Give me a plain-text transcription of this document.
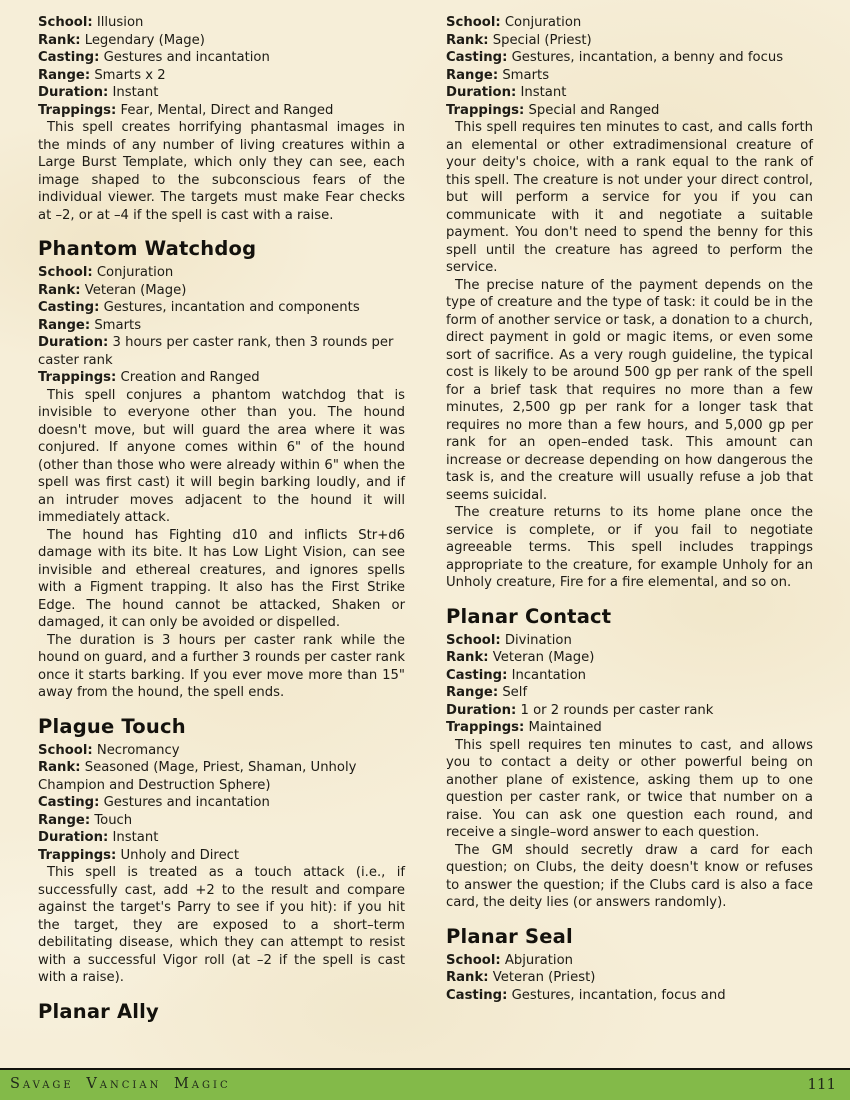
School: Illusion
Rank: Legendary (Mage)
Casting: Gestures and incantation
Range: Smarts x 2
Duration: Instant
Trappings: Fear, Mental, Direct and Ranged

This spell creates horrifying phantasmal images in the minds of any number of living creatures within a Large Burst Template, which only they can see, each image shaped to the subconscious fears of the individual viewer. The targets must make Fear checks at –2, or at –4 if the spell is cast with a raise.

Phantom Watchdog
School: Conjuration
Rank: Veteran (Mage)
Casting: Gestures, incantation and components
Range: Smarts
Duration: 3 hours per caster rank, then 3 rounds per caster rank
Trappings: Creation and Ranged

This spell conjures a phantom watchdog that is invisible to everyone other than you. The hound doesn't move, but will guard the area where it was conjured. If anyone comes within 6" of the hound (other than those who were already within 6" when the spell was first cast) it will begin barking loudly, and if an intruder moves adjacent to the hound it will immediately attack.

The hound has Fighting d10 and inflicts Str+d6 damage with its bite. It has Low Light Vision, can see invisible and ethereal creatures, and ignores spells with a Figment trapping. It also has the First Strike Edge. The hound cannot be attacked, Shaken or damaged, it can only be avoided or dispelled.

The duration is 3 hours per caster rank while the hound on guard, and a further 3 rounds per caster rank once it starts barking. If you ever move more than 15" away from the hound, the spell ends.

Plague Touch
School: Necromancy
Rank: Seasoned (Mage, Priest, Shaman, Unholy Champion and Destruction Sphere)
Casting: Gestures and incantation
Range: Touch
Duration: Instant
Trappings: Unholy and Direct

This spell is treated as a touch attack (i.e., if successfully cast, add +2 to the result and compare against the target's Parry to see if you hit): if you hit the target, they are exposed to a short–term debilitating disease, which they can attempt to resist with a successful Vigor roll (at –2 if the spell is cast with a raise).

Planar Ally
School: Conjuration
Rank: Special (Priest)
Casting: Gestures, incantation, a benny and focus
Range: Smarts
Duration: Instant
Trappings: Special and Ranged

This spell requires ten minutes to cast, and calls forth an elemental or other extradimensional creature of your deity's choice, with a rank equal to the rank of this spell. The creature is not under your direct control, but will perform a service for you if you can communicate with it and negotiate a suitable payment. You don't need to spend the benny for this spell until the creature has agreed to perform the service.

The precise nature of the payment depends on the type of creature and the type of task: it could be in the form of another service or task, a donation to a church, direct payment in gold or magic items, or even some sort of sacrifice. As a very rough guideline, the typical cost is likely to be around 500 gp per rank of the spell for a brief task that requires no more than a few minutes, 2,500 gp per rank for a longer task that requires no more than a few hours, and 5,000 gp per rank for an open–ended task. This amount can increase or decrease depending on how dangerous the task is, and the creature will usually refuse a job that seems suicidal.

The creature returns to its home plane once the service is complete, or if you fail to negotiate agreeable terms. This spell includes trappings appropriate to the creature, for example Unholy for an Unholy creature, Fire for a fire elemental, and so on.

Planar Contact
School: Divination
Rank: Veteran (Mage)
Casting: Incantation
Range: Self
Duration: 1 or 2 rounds per caster rank
Trappings: Maintained

This spell requires ten minutes to cast, and allows you to contact a deity or other powerful being on another plane of existence, asking them up to one question per caster rank, or twice that number on a raise. You can ask one question each round, and receive a single–word answer to each question.

The GM should secretly draw a card for each question; on Clubs, the deity doesn't know or refuses to answer the question; if the Clubs card is also a face card, the deity lies (or answers randomly).

Planar Seal
School: Abjuration
Rank: Veteran (Priest)
Casting: Gestures, incantation, focus and
Savage Vancian Magic	111
